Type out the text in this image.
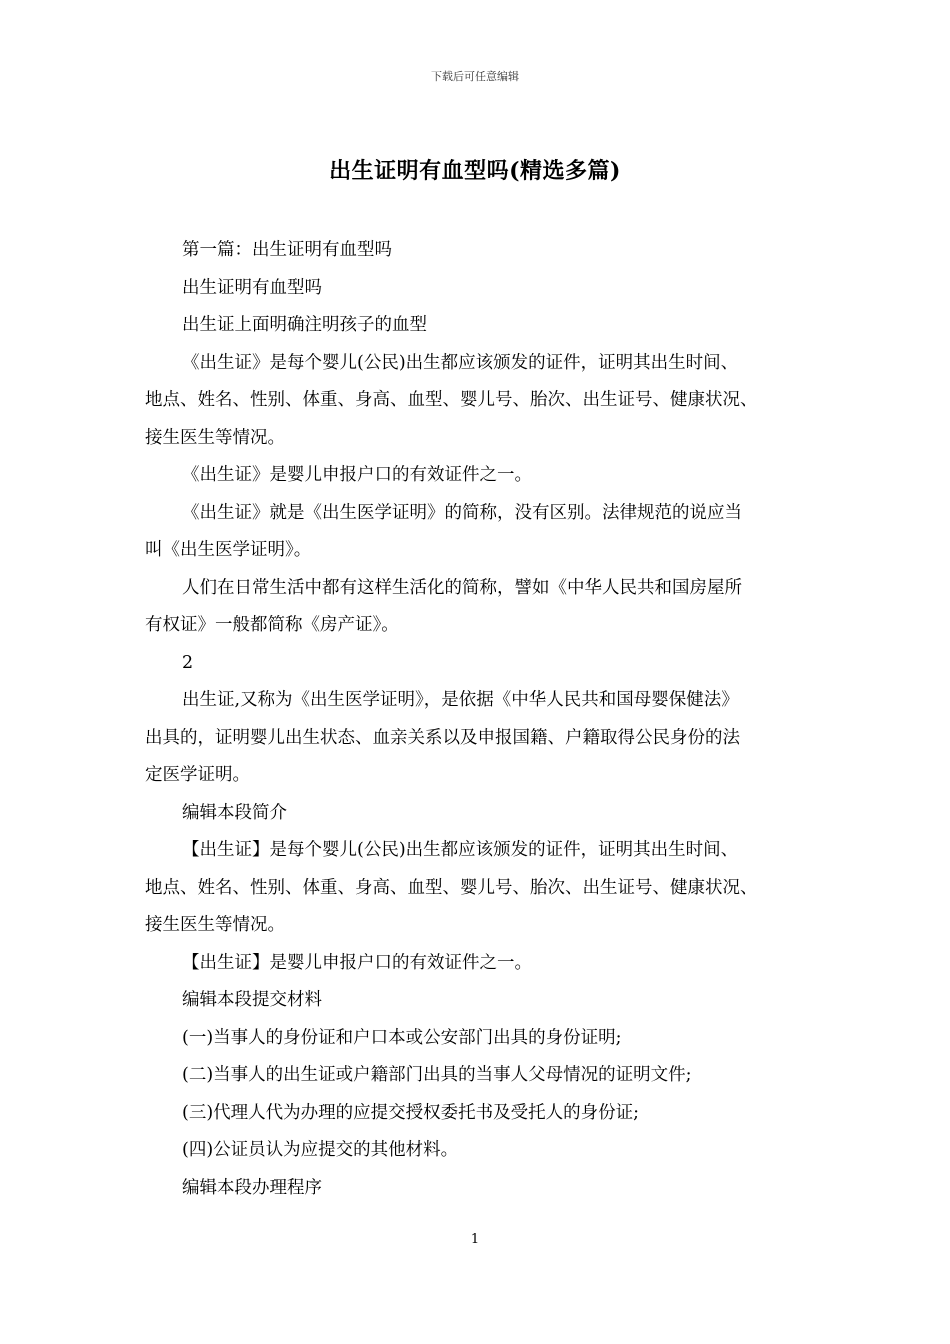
下载后可任意编辑
出生证明有血型吗(精选多篇)

第一篇：出生证明有血型吗

出生证明有血型吗

出生证上面明确注明孩子的血型

《出生证》是每个婴儿(公民)出生都应该颁发的证件，证明其出生时间、

地点、姓名、性别、体重、身高、血型、婴儿号、胎次、出生证号、健康状况、

接生医生等情况。

《出生证》是婴儿申报户口的有效证件之一。

《出生证》就是《出生医学证明》的简称，没有区别。法律规范的说应当

叫《出生医学证明》。

人们在日常生活中都有这样生活化的简称，譬如《中华人民共和国房屋所

有权证》一般都简称《房产证》。

2

出生证,又称为《出生医学证明》，是依据《中华人民共和国母婴保健法》

出具的，证明婴儿出生状态、血亲关系以及申报国籍、户籍取得公民身份的法

定医学证明。

编辑本段简介

【出生证】是每个婴儿(公民)出生都应该颁发的证件，证明其出生时间、

地点、姓名、性别、体重、身高、血型、婴儿号、胎次、出生证号、健康状况、

接生医生等情况。

【出生证】是婴儿申报户口的有效证件之一。

编辑本段提交材料

(一)当事人的身份证和户口本或公安部门出具的身份证明;

(二)当事人的出生证或户籍部门出具的当事人父母情况的证明文件;

(三)代理人代为办理的应提交授权委托书及受托人的身份证;

(四)公证员认为应提交的其他材料。

编辑本段办理程序

1
